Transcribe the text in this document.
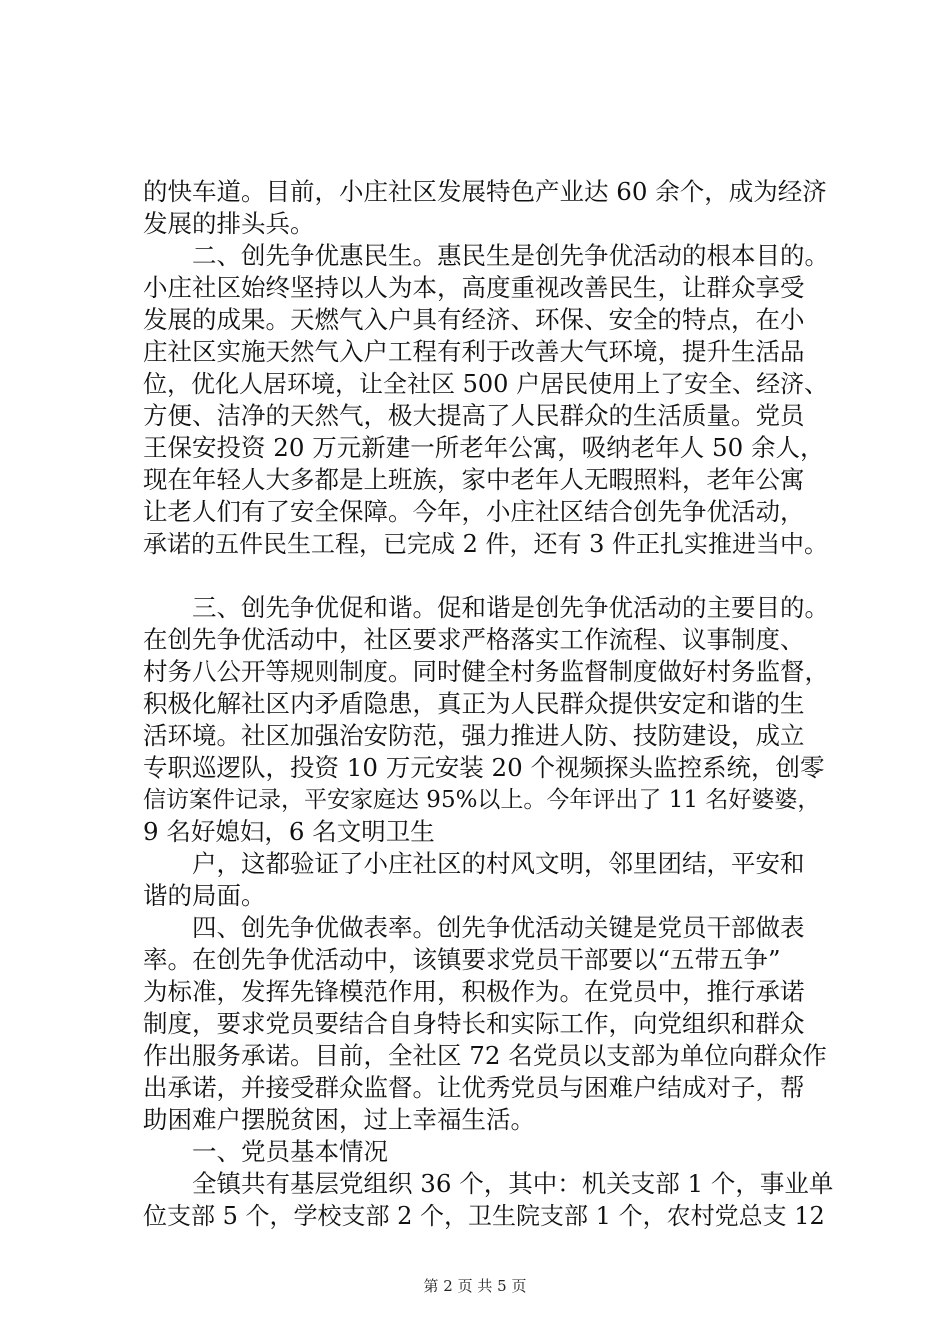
的快车道。目前，小庄社区发展特色产业达 60 余个，成为经济

发展的排头兵。

　　二、创先争优惠民生。惠民生是创先争优活动的根本目的。

小庄社区始终坚持以人为本，高度重视改善民生，让群众享受

发展的成果。天燃气入户具有经济、环保、安全的特点，在小

庄社区实施天然气入户工程有利于改善大气环境，提升生活品

位，优化人居环境，让全社区 500 户居民使用上了安全、经济、

方便、洁净的天然气，极大提高了人民群众的生活质量。党员

王保安投资 20 万元新建一所老年公寓，吸纳老年人 50 余人，

现在年轻人大多都是上班族，家中老年人无暇照料，老年公寓

让老人们有了安全保障。今年，小庄社区结合创先争优活动，

承诺的五件民生工程，已完成 2 件，还有 3 件正扎实推进当中。

　　三、创先争优促和谐。促和谐是创先争优活动的主要目的。

在创先争优活动中，社区要求严格落实工作流程、议事制度、

村务八公开等规则制度。同时健全村务监督制度做好村务监督，

积极化解社区内矛盾隐患，真正为人民群众提供安定和谐的生

活环境。社区加强治安防范，强力推进人防、技防建设，成立

专职巡逻队，投资 10 万元安装 20 个视频探头监控系统，创零

信访案件记录，平安家庭达 95%以上。今年评出了 11 名好婆婆，

9 名好媳妇，6 名文明卫生

　　户，这都验证了小庄社区的村风文明，邻里团结，平安和

谐的局面。

　　四、创先争优做表率。创先争优活动关键是党员干部做表

率。在创先争优活动中，该镇要求党员干部要以“五带五争”

为标准，发挥先锋模范作用，积极作为。在党员中，推行承诺

制度，要求党员要结合自身特长和实际工作，向党组织和群众

作出服务承诺。目前，全社区 72 名党员以支部为单位向群众作

出承诺，并接受群众监督。让优秀党员与困难户结成对子，帮

助困难户摆脱贫困，过上幸福生活。

　　一、党员基本情况

　　全镇共有基层党组织 36 个，其中：机关支部 1 个，事业单

位支部 5 个，学校支部 2 个，卫生院支部 1 个，农村党总支 12

第 2 页 共 5 页
